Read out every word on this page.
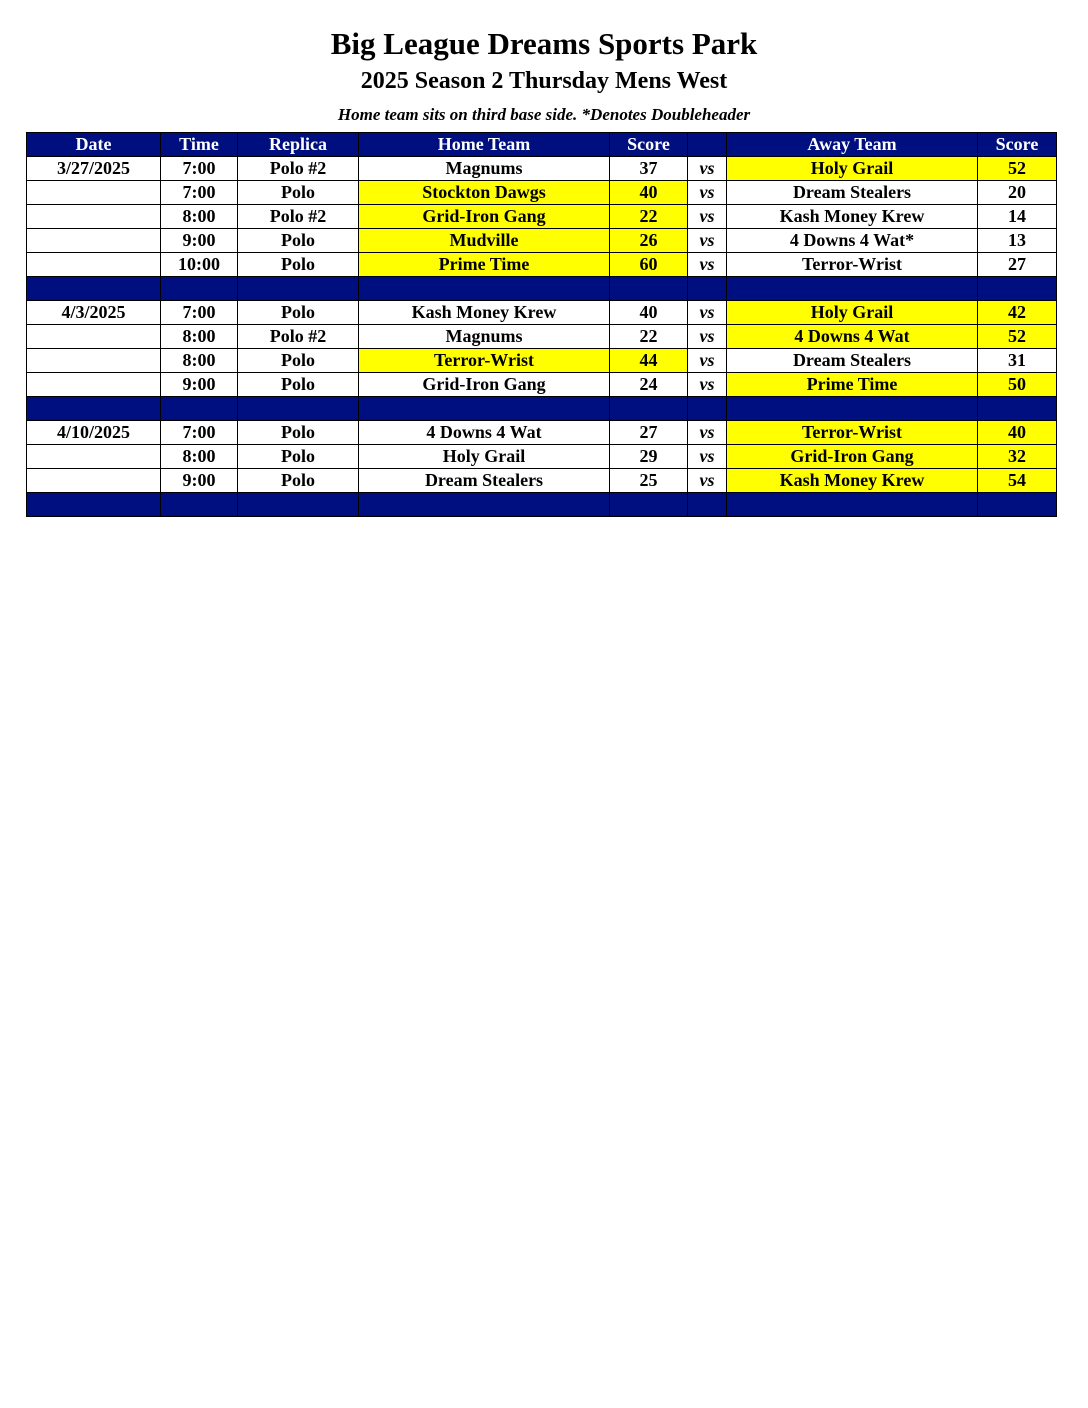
Big League Dreams Sports Park
2025 Season 2 Thursday Mens West
Home team sits on third base side. *Denotes Doubleheader
Date	Time	Replica	Home Team	Score		Away Team	Score
3/27/2025	7:00	Polo #2	Magnums	37	vs	Holy Grail	52
	7:00	Polo	Stockton Dawgs	40	vs	Dream Stealers	20
	8:00	Polo #2	Grid-Iron Gang	22	vs	Kash Money Krew	14
	9:00	Polo	Mudville	26	vs	4 Downs 4 Wat*	13
	10:00	Polo	Prime Time	60	vs	Terror-Wrist	27

4/3/2025	7:00	Polo	Kash Money Krew	40	vs	Holy Grail	42
	8:00	Polo #2	Magnums	22	vs	4 Downs 4 Wat	52
	8:00	Polo	Terror-Wrist	44	vs	Dream Stealers	31
	9:00	Polo	Grid-Iron Gang	24	vs	Prime Time	50

4/10/2025	7:00	Polo	4 Downs 4 Wat	27	vs	Terror-Wrist	40
	8:00	Polo	Holy Grail	29	vs	Grid-Iron Gang	32
	9:00	Polo	Dream Stealers	25	vs	Kash Money Krew	54
